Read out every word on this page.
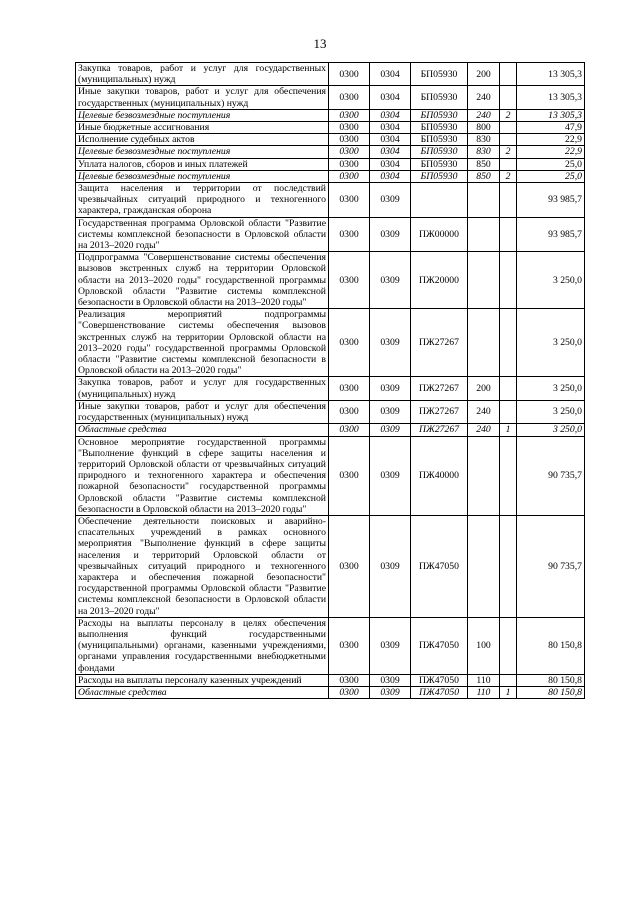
13
Закупка товаров, работ и услуг для государственных (муниципальных) нужд	0300	0304	БП05930	200		13 305,3
Иные закупки товаров, работ и услуг для обеспечения государственных (муниципальных) нужд	0300	0304	БП05930	240		13 305,3
Целевые безвозмездные поступления	0300	0304	БП05930	240	2	13 305,3
Иные бюджетные ассигнования	0300	0304	БП05930	800		47,9
Исполнение судебных актов	0300	0304	БП05930	830		22,9
Целевые безвозмездные поступления	0300	0304	БП05930	830	2	22,9
Уплата налогов, сборов и иных платежей	0300	0304	БП05930	850		25,0
Целевые безвозмездные поступления	0300	0304	БП05930	850	2	25,0
Защита населения и территории от последствий чрезвычайных ситуаций природного и техногенного характера, гражданская оборона	0300	0309				93 985,7
Государственная программа Орловской области "Развитие системы комплексной безопасности в Орловской области на 2013–2020 годы"	0300	0309	ПЖ00000			93 985,7
Подпрограмма "Совершенствование системы обеспечения вызовов экстренных служб на территории Орловской области на 2013–2020 годы" государственной программы Орловской области "Развитие системы комплексной безопасности в Орловской области на 2013–2020 годы"	0300	0309	ПЖ20000			3 250,0
Реализация мероприятий подпрограммы "Совершенствование системы обеспечения вызовов экстренных служб на территории Орловской области на 2013–2020 годы" государственной программы Орловской области "Развитие системы комплексной безопасности в Орловской области на 2013–2020 годы"	0300	0309	ПЖ27267			3 250,0
Закупка товаров, работ и услуг для государственных (муниципальных) нужд	0300	0309	ПЖ27267	200		3 250,0
Иные закупки товаров, работ и услуг для обеспечения государственных (муниципальных) нужд	0300	0309	ПЖ27267	240		3 250,0
Областные средства	0300	0309	ПЖ27267	240	1	3 250,0
Основное мероприятие государственной программы "Выполнение функций в сфере защиты населения и территорий Орловской области от чрезвычайных ситуаций природного и техногенного характера и обеспечения пожарной безопасности" государственной программы Орловской области "Развитие системы комплексной безопасности в Орловской области на 2013–2020 годы"	0300	0309	ПЖ40000			90 735,7
Обеспечение деятельности поисковых и аварийно-спасательных учреждений в рамках основного мероприятия "Выполнение функций в сфере защиты населения и территорий Орловской области от чрезвычайных ситуаций природного и техногенного характера и обеспечения пожарной безопасности" государственной программы Орловской области "Развитие системы комплексной безопасности в Орловской области на 2013–2020 годы"	0300	0309	ПЖ47050			90 735,7
Расходы на выплаты персоналу в целях обеспечения выполнения функций государственными (муниципальными) органами, казенными учреждениями, органами управления государственными внебюджетными фондами	0300	0309	ПЖ47050	100		80 150,8
Расходы на выплаты персоналу казенных учреждений	0300	0309	ПЖ47050	110		80 150,8
Областные средства	0300	0309	ПЖ47050	110	1	80 150,8
